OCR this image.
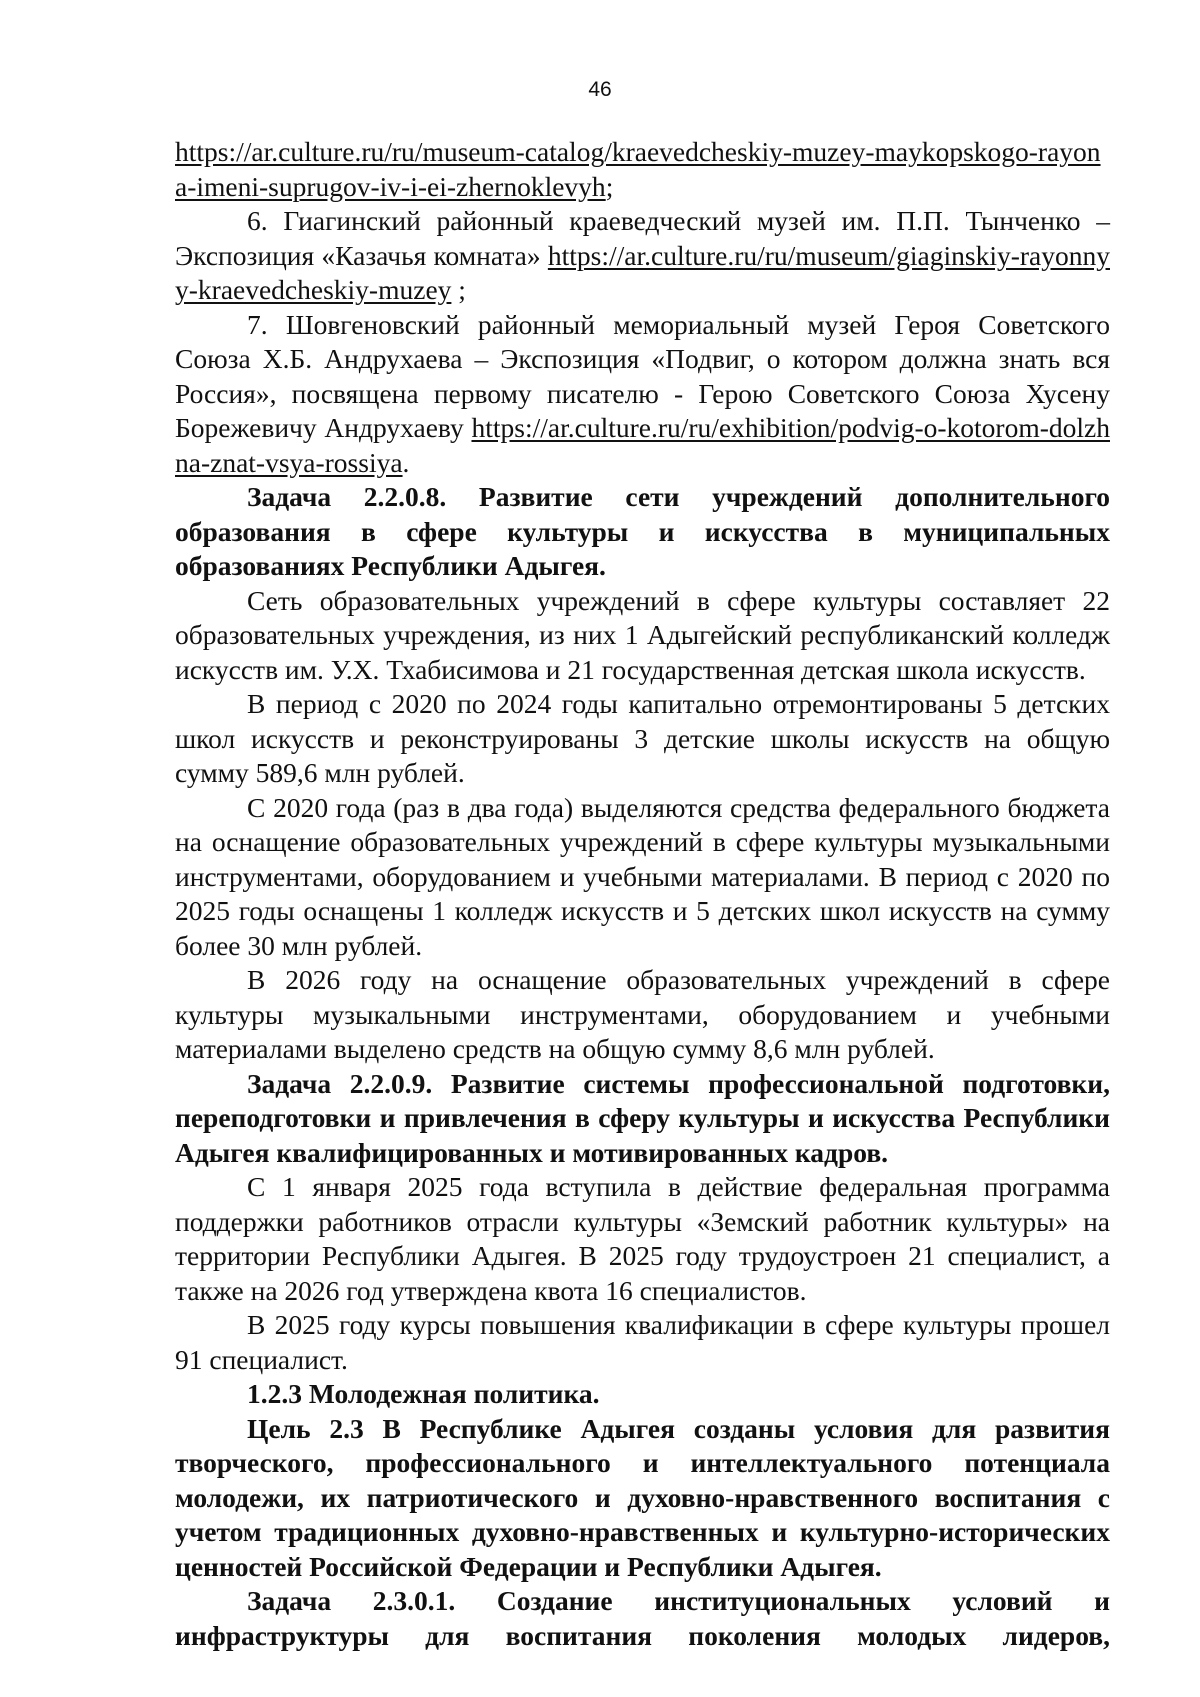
46

https://ar.culture.ru/ru/museum-catalog/kraevedcheskiy-muzey-maykopskogo-rayona-imeni-suprugov-iv-i-ei-zhernoklevyh;

6. Гиагинский районный краеведческий музей им. П.П. Тынченко – Экспозиция «Казачья комната» https://ar.culture.ru/ru/museum/giaginskiy-rayonnyy-kraevedcheskiy-muzey ;

7. Шовгеновский районный мемориальный музей Героя Советского Союза Х.Б. Андрухаева – Экспозиция «Подвиг, о котором должна знать вся Россия», посвящена первому писателю - Герою Советского Союза Хусену Борежевичу Андрухаеву https://ar.culture.ru/ru/exhibition/podvig-o-kotorom-dolzhna-znat-vsya-rossiya.

Задача 2.2.0.8. Развитие сети учреждений дополнительного образования в сфере культуры и искусства в муниципальных образованиях Республики Адыгея.

Сеть образовательных учреждений в сфере культуры составляет 22 образовательных учреждения, из них 1 Адыгейский республиканский колледж искусств им. У.Х. Тхабисимова и 21 государственная детская школа искусств.

В период с 2020 по 2024 годы капитально отремонтированы 5 детских школ искусств и реконструированы 3 детские школы искусств на общую сумму 589,6 млн рублей.

С 2020 года (раз в два года) выделяются средства федерального бюджета на оснащение образовательных учреждений в сфере культуры музыкальными инструментами, оборудованием и учебными материалами. В период с 2020 по 2025 годы оснащены 1 колледж искусств и 5 детских школ искусств на сумму более 30 млн рублей.

В 2026 году на оснащение образовательных учреждений в сфере культуры музыкальными инструментами, оборудованием и учебными материалами выделено средств на общую сумму 8,6 млн рублей.

Задача 2.2.0.9. Развитие системы профессиональной подготовки, переподготовки и привлечения в сферу культуры и искусства Республики Адыгея квалифицированных и мотивированных кадров.

С 1 января 2025 года вступила в действие федеральная программа поддержки работников отрасли культуры «Земский работник культуры» на территории Республики Адыгея. В 2025 году трудоустроен 21 специалист, а также на 2026 год утверждена квота 16 специалистов.

В 2025 году курсы повышения квалификации в сфере культуры прошел 91 специалист.

1.2.3 Молодежная политика.

Цель 2.3 В Республике Адыгея созданы условия для развития творческого, профессионального и интеллектуального потенциала молодежи, их патриотического и духовно-нравственного воспитания с учетом традиционных духовно-нравственных и культурно-исторических ценностей Российской Федерации и Республики Адыгея.

Задача 2.3.0.1. Создание институциональных условий и инфраструктуры для воспитания поколения молодых лидеров,
